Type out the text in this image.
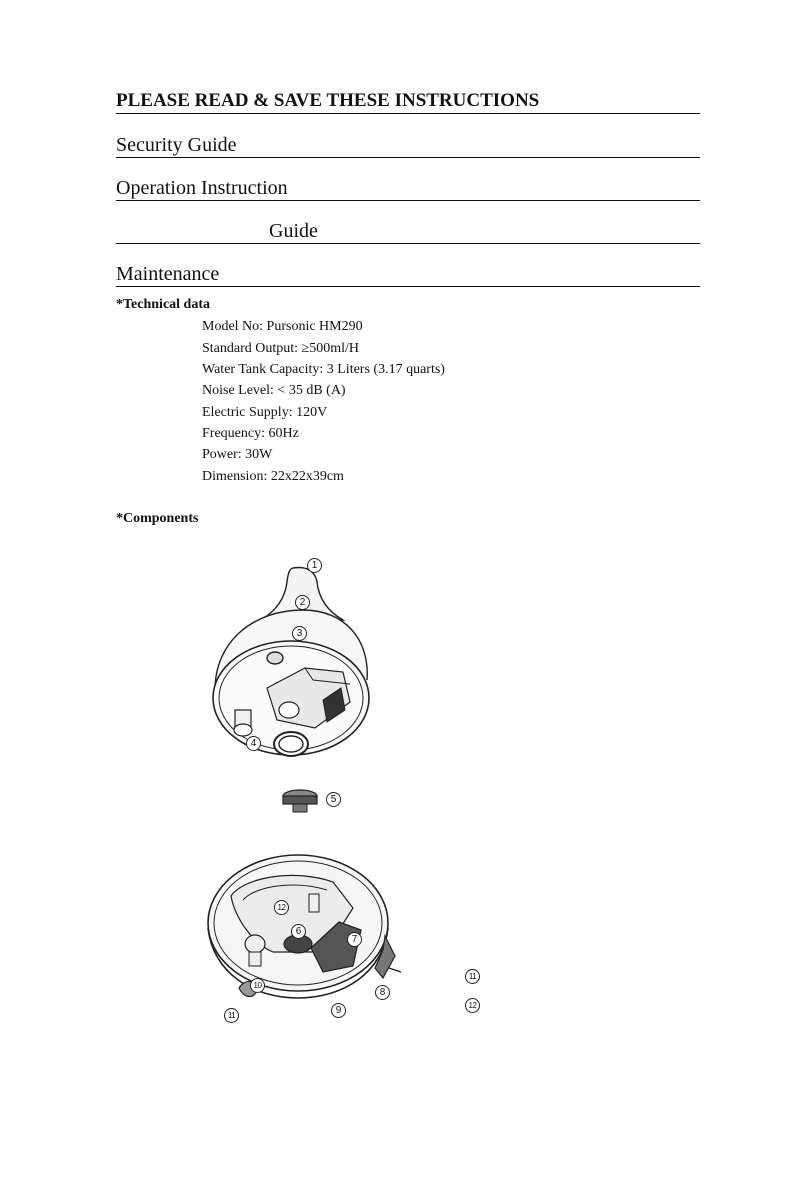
PLEASE READ & SAVE THESE INSTRUCTIONS
Security Guide
Operation Instruction
Guide
Maintenance
*Technical data
Model No: Pursonic HM290
Standard Output: ≥500ml/H
Water Tank Capacity: 3 Liters (3.17 quarts)
Noise Level: < 35 dB (A)
Electric Supply: 120V
Frequency: 60Hz
Power: 30W
Dimension: 22x22x39cm
*Components
1
2
3
4
5
6
7
8
9
10
11
12
11
12
